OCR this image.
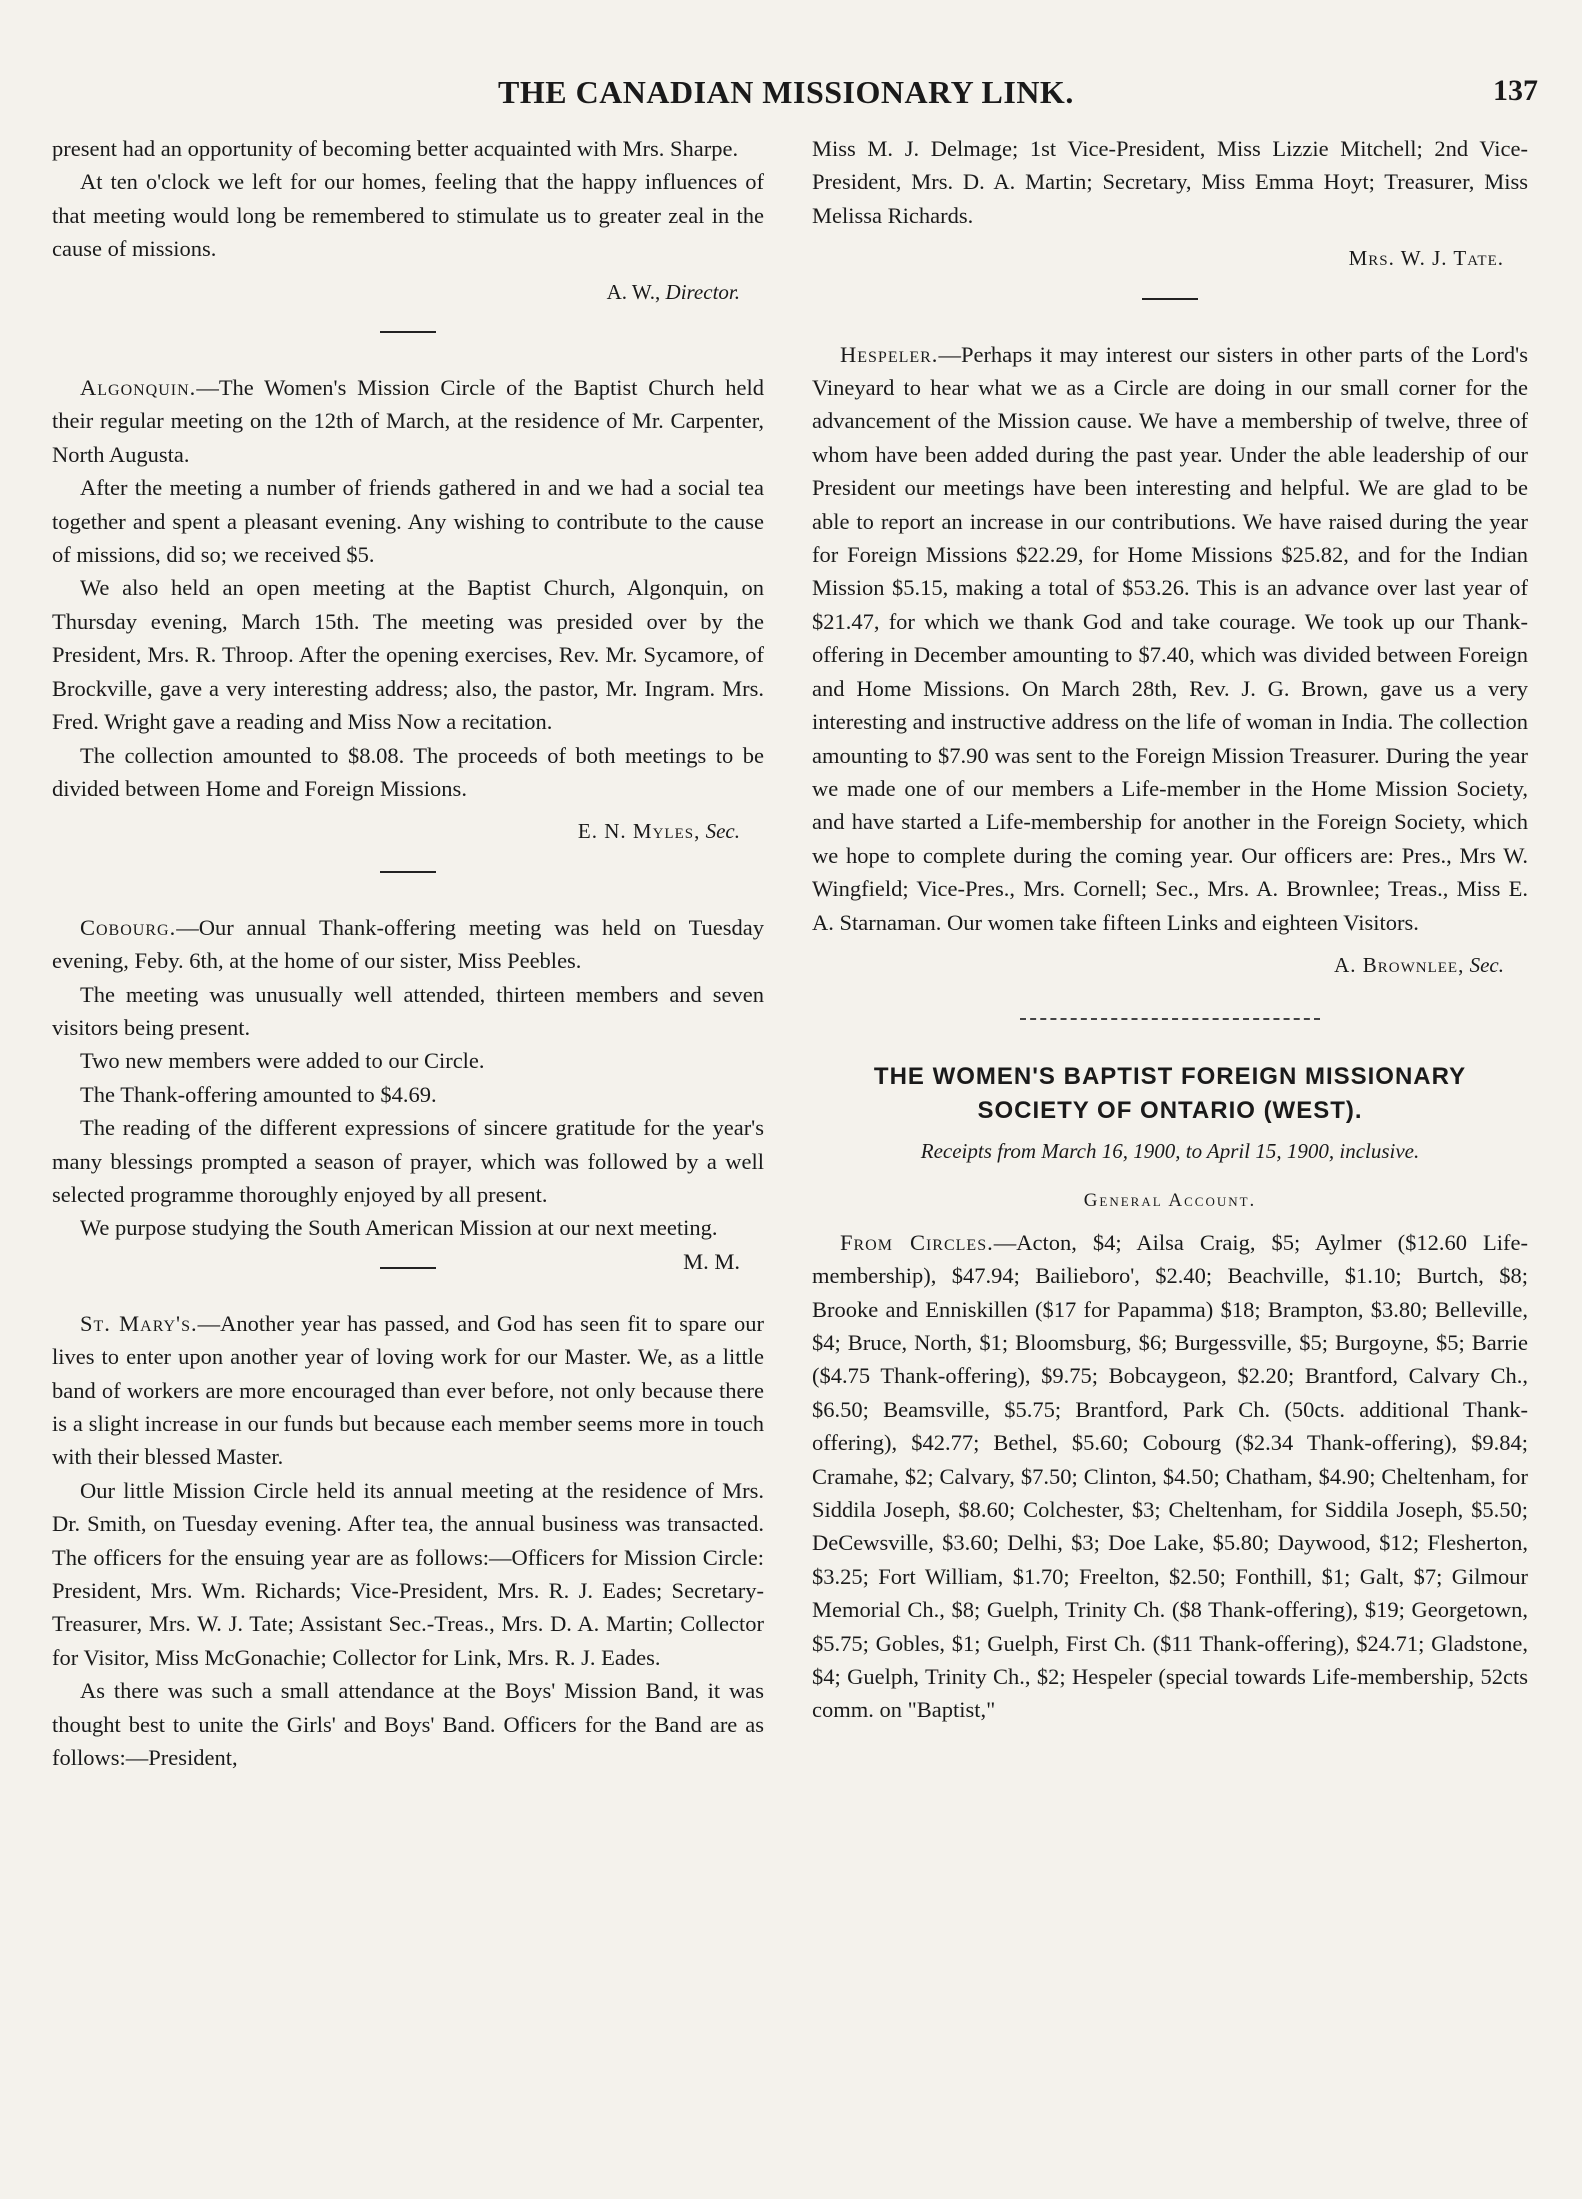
THE CANADIAN MISSIONARY LINK.	137

present had an opportunity of becoming better acquainted with Mrs. Sharpe.

At ten o'clock we left for our homes, feeling that the happy influences of that meeting would long be remembered to stimulate us to greater zeal in the cause of missions.

A. W., Director.

Algonquin.—The Women's Mission Circle of the Baptist Church held their regular meeting on the 12th of March, at the residence of Mr. Carpenter, North Augusta.

After the meeting a number of friends gathered in and we had a social tea together and spent a pleasant evening. Any wishing to contribute to the cause of missions, did so; we received $5.

We also held an open meeting at the Baptist Church, Algonquin, on Thursday evening, March 15th. The meeting was presided over by the President, Mrs. R. Throop. After the opening exercises, Rev. Mr. Sycamore, of Brockville, gave a very interesting address; also, the pastor, Mr. Ingram. Mrs. Fred. Wright gave a reading and Miss Now a recitation.

The collection amounted to $8.08. The proceeds of both meetings to be divided between Home and Foreign Missions.

E. N. Myles, Sec.

Cobourg.—Our annual Thank-offering meeting was held on Tuesday evening, Feby. 6th, at the home of our sister, Miss Peebles.

The meeting was unusually well attended, thirteen members and seven visitors being present.

Two new members were added to our Circle.

The Thank-offering amounted to $4.69.

The reading of the different expressions of sincere gratitude for the year's many blessings prompted a season of prayer, which was followed by a well selected programme thoroughly enjoyed by all present.

We purpose studying the South American Mission at our next meeting.
M. M.

St. Mary's.—Another year has passed, and God has seen fit to spare our lives to enter upon another year of loving work for our Master. We, as a little band of workers are more encouraged than ever before, not only because there is a slight increase in our funds but because each member seems more in touch with their blessed Master.

Our little Mission Circle held its annual meeting at the residence of Mrs. Dr. Smith, on Tuesday evening. After tea, the annual business was transacted. The officers for the ensuing year are as follows:—Officers for Mission Circle: President, Mrs. Wm. Richards; Vice-President, Mrs. R. J. Eades; Secretary-Treasurer, Mrs. W. J. Tate; Assistant Sec.-Treas., Mrs. D. A. Martin; Collector for Visitor, Miss McGonachie; Collector for Link, Mrs. R. J. Eades.

As there was such a small attendance at the Boys' Mission Band, it was thought best to unite the Girls' and Boys' Band. Officers for the Band are as follows:—President,

Miss M. J. Delmage; 1st Vice-President, Miss Lizzie Mitchell; 2nd Vice-President, Mrs. D. A. Martin; Secretary, Miss Emma Hoyt; Treasurer, Miss Melissa Richards.

Mrs. W. J. Tate.

Hespeler.—Perhaps it may interest our sisters in other parts of the Lord's Vineyard to hear what we as a Circle are doing in our small corner for the advancement of the Mission cause. We have a membership of twelve, three of whom have been added during the past year. Under the able leadership of our President our meetings have been interesting and helpful. We are glad to be able to report an increase in our contributions. We have raised during the year for Foreign Missions $22.29, for Home Missions $25.82, and for the Indian Mission $5.15, making a total of $53.26. This is an advance over last year of $21.47, for which we thank God and take courage. We took up our Thank-offering in December amounting to $7.40, which was divided between Foreign and Home Missions. On March 28th, Rev. J. G. Brown, gave us a very interesting and instructive address on the life of woman in India. The collection amounting to $7.90 was sent to the Foreign Mission Treasurer. During the year we made one of our members a Life-member in the Home Mission Society, and have started a Life-membership for another in the Foreign Society, which we hope to complete during the coming year. Our officers are: Pres., Mrs W. Wingfield; Vice-Pres., Mrs. Cornell; Sec., Mrs. A. Brownlee; Treas., Miss E. A. Starnaman. Our women take fifteen Links and eighteen Visitors.

A. Brownlee, Sec.
THE WOMEN'S BAPTIST FOREIGN MISSIONARY
SOCIETY OF ONTARIO (WEST).
Receipts from March 16, 1900, to April 15, 1900, inclusive.
General Account.

From Circles.—Acton, $4; Ailsa Craig, $5; Aylmer ($12.60 Life-membership), $47.94; Bailieboro', $2.40; Beachville, $1.10; Burtch, $8; Brooke and Enniskillen ($17 for Papamma) $18; Brampton, $3.80; Belleville, $4; Bruce, North, $1; Bloomsburg, $6; Burgessville, $5; Burgoyne, $5; Barrie ($4.75 Thank-offering), $9.75; Bobcaygeon, $2.20; Brantford, Calvary Ch., $6.50; Beamsville, $5.75; Brantford, Park Ch. (50cts. additional Thank-offering), $42.77; Bethel, $5.60; Cobourg ($2.34 Thank-offering), $9.84; Cramahe, $2; Calvary, $7.50; Clinton, $4.50; Chatham, $4.90; Cheltenham, for Siddila Joseph, $8.60; Colchester, $3; Cheltenham, for Siddila Joseph, $5.50; DeCewsville, $3.60; Delhi, $3; Doe Lake, $5.80; Daywood, $12; Flesherton, $3.25; Fort William, $1.70; Freelton, $2.50; Fonthill, $1; Galt, $7; Gilmour Memorial Ch., $8; Guelph, Trinity Ch. ($8 Thank-offering), $19; Georgetown, $5.75; Gobles, $1; Guelph, First Ch. ($11 Thank-offering), $24.71; Gladstone, $4; Guelph, Trinity Ch., $2; Hespeler (special towards Life-membership, 52cts comm. on "Baptist,"
